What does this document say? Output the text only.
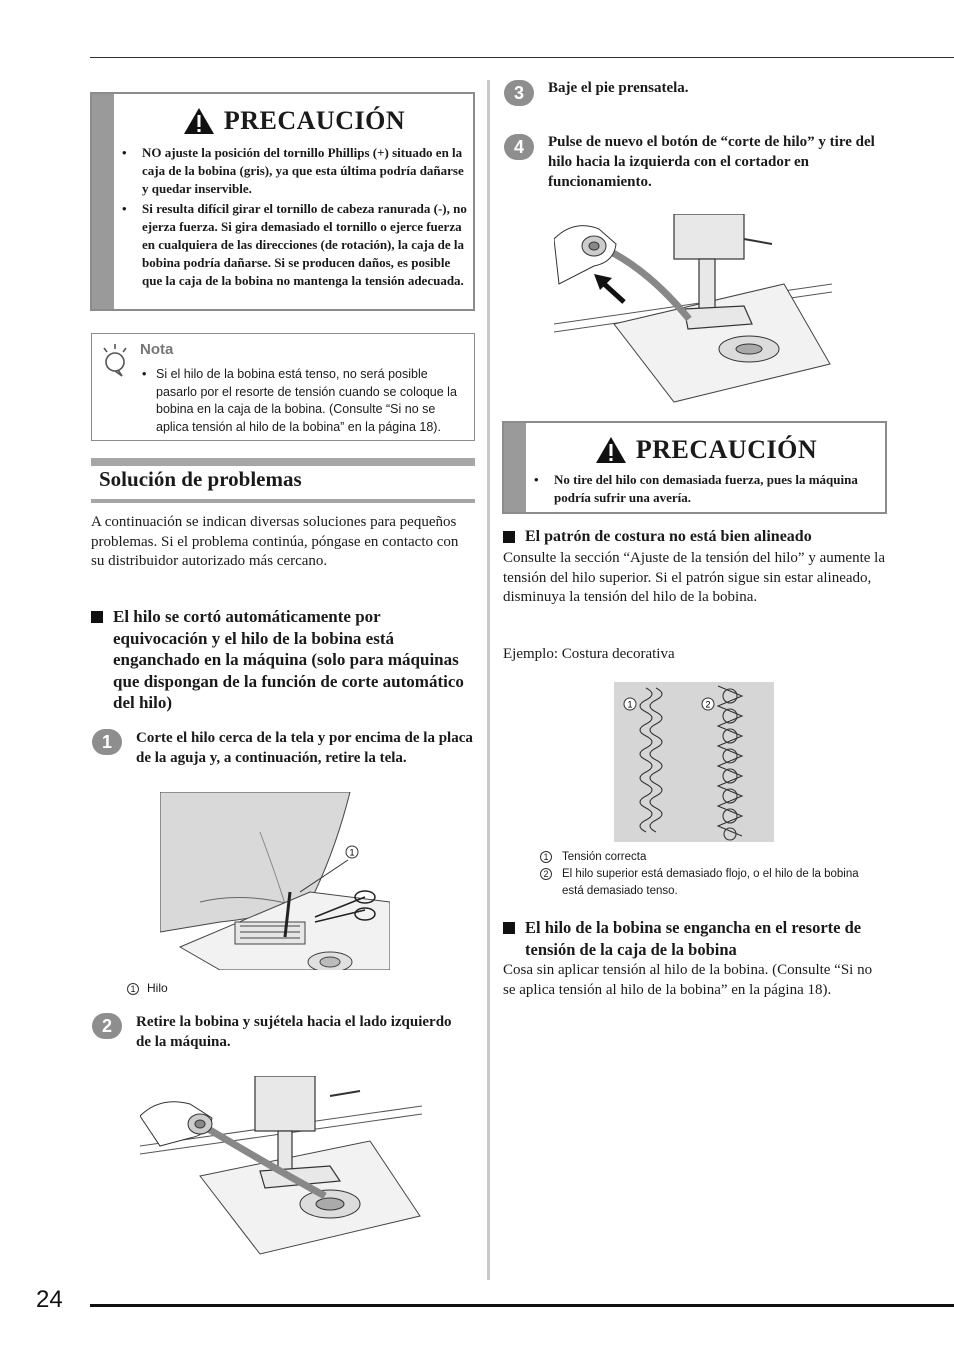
PRECAUCIÓN
• NO ajuste la posición del tornillo Phillips (+) situado en la caja de la bobina (gris), ya que esta última podría dañarse y quedar inservible.
• Si resulta difícil girar el tornillo de cabeza ranurada (-), no ejerza fuerza. Si gira demasiado el tornillo o ejerce fuerza en cualquiera de las direcciones (de rotación), la caja de la bobina podría dañarse. Si se producen daños, es posible que la caja de la bobina no mantenga la tensión adecuada.
Nota
• Si el hilo de la bobina está tenso, no será posible pasarlo por el resorte de tensión cuando se coloque la bobina en la caja de la bobina. (Consulte “Si no se aplica tensión al hilo de la bobina” en la página 18).
Solución de problemas
A continuación se indican diversas soluciones para pequeños problemas. Si el problema continúa, póngase en contacto con su distribuidor autorizado más cercano.
El hilo se cortó automáticamente por equivocación y el hilo de la bobina está enganchado en la máquina (solo para máquinas que dispongan de la función de corte automático del hilo)
1	Corte el hilo cerca de la tela y por encima de la placa de la aguja y, a continuación, retire la tela.
1
1 Hilo
2	Retire la bobina y sujétela hacia el lado izquierdo de la máquina.
3	Baje el pie prensatela.
4	Pulse de nuevo el botón de “corte de hilo” y tire del hilo hacia la izquierda con el cortador en funcionamiento.
PRECAUCIÓN
• No tire del hilo con demasiada fuerza, pues la máquina podría sufrir una avería.
El patrón de costura no está bien alineado
Consulte la sección “Ajuste de la tensión del hilo” y aumente la tensión del hilo superior. Si el patrón sigue sin estar alineado, disminuya la tensión del hilo de la bobina.
Ejemplo: Costura decorativa
1	2
1	Tensión correcta
2	El hilo superior está demasiado flojo, o el hilo de la bobina está demasiado tenso.
El hilo de la bobina se engancha en el resorte de tensión de la caja de la bobina
Cosa sin aplicar tensión al hilo de la bobina. (Consulte “Si no se aplica tensión al hilo de la bobina” en la página 18).
24
